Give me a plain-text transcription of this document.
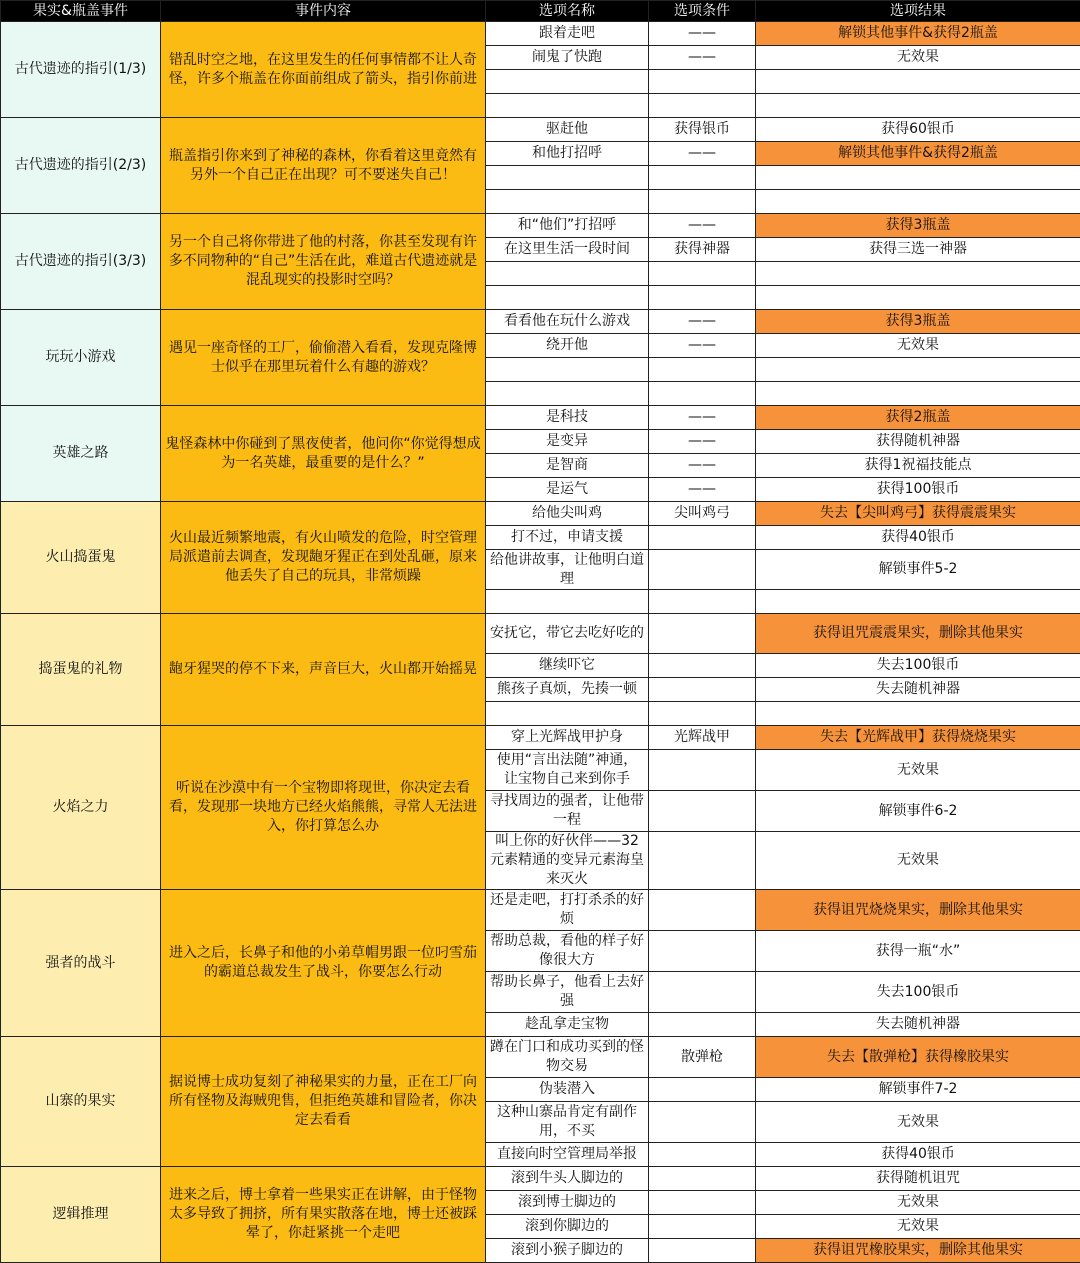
果实&瓶盖事件	事件内容	选项名称	选项条件	选项结果
古代遗迹的指引(1/3)	错乱时空之地，在这里发生的任何事情都不让人奇怪，许多个瓶盖在你面前组成了箭头，指引你前进	跟着走吧	——	解锁其他事件&获得2瓶盖
		闹鬼了快跑	——	无效果

古代遗迹的指引(2/3)	瓶盖指引你来到了神秘的森林，你看着这里竟然有另外一个自己正在出现？可不要迷失自己！	驱赶他	获得银币	获得60银币
		和他打招呼	——	解锁其他事件&获得2瓶盖

古代遗迹的指引(3/3)	另一个自己将你带进了他的村落，你甚至发现有许多不同物种的“自己”生活在此，难道古代遗迹就是混乱现实的投影时空吗？	和“他们”打招呼	——	获得3瓶盖
		在这里生活一段时间	获得神器	获得三选一神器

玩玩小游戏	遇见一座奇怪的工厂，偷偷潜入看看，发现克隆博士似乎在那里玩着什么有趣的游戏？	看看他在玩什么游戏	——	获得3瓶盖
		绕开他	——	无效果

英雄之路	鬼怪森林中你碰到了黑夜使者，他问你“你觉得想成为一名英雄，最重要的是什么？”	是科技	——	获得2瓶盖
		是变异	——	获得随机神器
		是智商	——	获得1祝福技能点
		是运气	——	获得100银币
火山捣蛋鬼	火山最近频繁地震，有火山喷发的危险，时空管理局派遣前去调查，发现龅牙猩正在到处乱砸，原来他丢失了自己的玩具，非常烦躁	给他尖叫鸡	尖叫鸡弓	失去【尖叫鸡弓】获得震震果实
		打不过，申请支援		获得40银币
		给他讲故事，让他明白道理		解锁事件5-2

捣蛋鬼的礼物	龅牙猩哭的停不下来，声音巨大，火山都开始摇晃	安抚它，带它去吃好吃的		获得诅咒震震果实，删除其他果实
		继续吓它		失去100银币
		熊孩子真烦，先揍一顿		失去随机神器

火焰之力	听说在沙漠中有一个宝物即将现世，你决定去看看，发现那一块地方已经火焰熊熊，寻常人无法进入，你打算怎么办	穿上光辉战甲护身	光辉战甲	失去【光辉战甲】获得烧烧果实
		使用“言出法随”神通，让宝物自己来到你手		无效果
		寻找周边的强者，让他带一程		解锁事件6-2
		叫上你的好伙伴——32元素精通的变异元素海皇来灭火		无效果
强者的战斗	进入之后，长鼻子和他的小弟草帽男跟一位叼雪茄的霸道总裁发生了战斗，你要怎么行动	还是走吧，打打杀杀的好烦		获得诅咒烧烧果实，删除其他果实
		帮助总裁，看他的样子好像很大方		获得一瓶“水”
		帮助长鼻子，他看上去好强		失去100银币
		趁乱拿走宝物		失去随机神器
山寨的果实	据说博士成功复刻了神秘果实的力量，正在工厂向所有怪物及海贼兜售，但拒绝英雄和冒险者，你决定去看看	蹲在门口和成功买到的怪物交易	散弹枪	失去【散弹枪】获得橡胶果实
		伪装潜入		解锁事件7-2
		这种山寨品肯定有副作用，不买		无效果
		直接向时空管理局举报		获得40银币
逻辑推理	进来之后，博士拿着一些果实正在讲解，由于怪物太多导致了拥挤，所有果实散落在地，博士还被踩晕了，你赶紧挑一个走吧	滚到牛头人脚边的		获得随机诅咒
		滚到博士脚边的		无效果
		滚到你脚边的		无效果
		滚到小猴子脚边的		获得诅咒橡胶果实，删除其他果实
